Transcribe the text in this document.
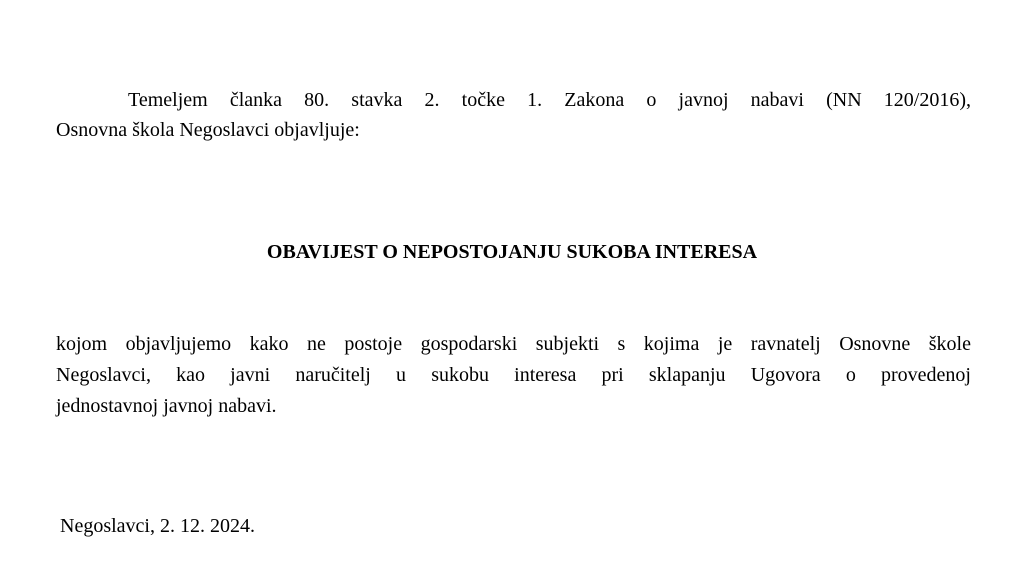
Temeljem članka 80. stavka 2. točke 1. Zakona o javnoj nabavi (NN 120/2016),
Osnovna škola Negoslavci objavljuje:
OBAVIJEST O NEPOSTOJANJU SUKOBA INTERESA
kojom objavljujemo kako ne postoje gospodarski subjekti s kojima je ravnatelj Osnovne škole
Negoslavci, kao javni naručitelj u sukobu interesa pri sklapanju Ugovora o provedenoj
jednostavnoj javnoj nabavi.
Negoslavci, 2. 12. 2024.
